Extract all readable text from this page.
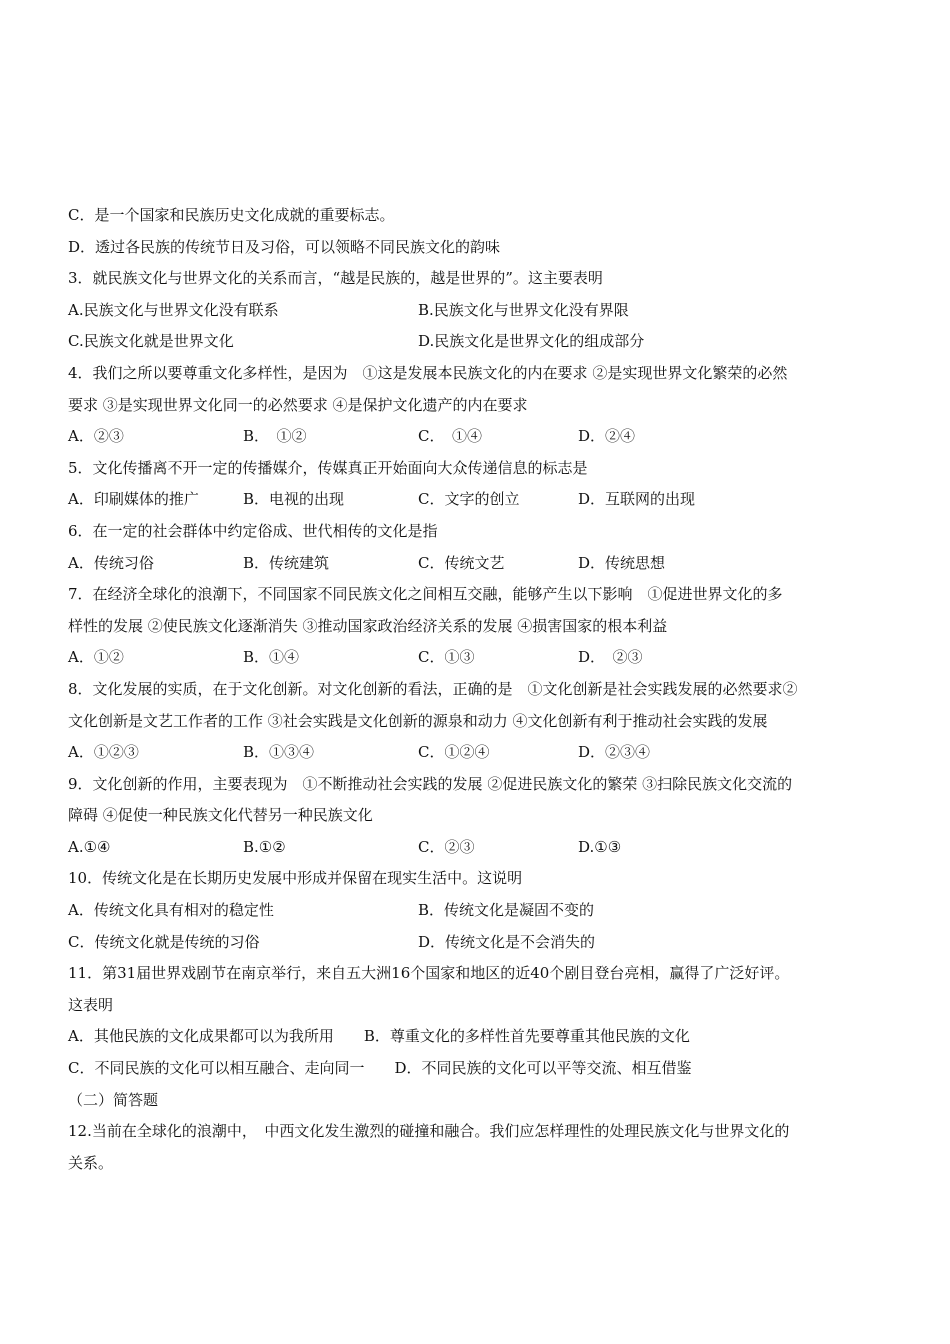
C．是一个国家和民族历史文化成就的重要标志。
D．透过各民族的传统节日及习俗，可以领略不同民族文化的韵味
3．就民族文化与世界文化的关系而言，“越是民族的，越是世界的”。这主要表明
A.民族文化与世界文化没有联系	B.民族文化与世界文化没有界限
C.民族文化就是世界文化	D.民族文化是世界文化的组成部分
4．我们之所以要尊重文化多样性，是因为　①这是发展本民族文化的内在要求 ②是实现世界文化繁荣的必然
要求 ③是实现世界文化同一的必然要求 ④是保护文化遗产的内在要求
A．②③	B．　①②	C．　①④	D．②④
5．文化传播离不开一定的传播媒介，传媒真正开始面向大众传递信息的标志是
A．印刷媒体的推广	B．电视的出现	C．文字的创立	D．互联网的出现
6．在一定的社会群体中约定俗成、世代相传的文化是指
A．传统习俗	B．传统建筑	C．传统文艺	D．传统思想
7．在经济全球化的浪潮下，不同国家不同民族文化之间相互交融，能够产生以下影响　①促进世界文化的多
样性的发展 ②使民族文化逐渐消失 ③推动国家政治经济关系的发展 ④损害国家的根本利益
A．①②	B．①④	C．①③	D．　②③
8．文化发展的实质，在于文化创新。对文化创新的看法，正确的是　①文化创新是社会实践发展的必然要求②
文化创新是文艺工作者的工作 ③社会实践是文化创新的源泉和动力 ④文化创新有利于推动社会实践的发展
A．①②③	B．①③④	C．①②④	D．②③④
9．文化创新的作用，主要表现为　①不断推动社会实践的发展 ②促进民族文化的繁荣 ③扫除民族文化交流的
障碍 ④促使一种民族文化代替另一种民族文化
A.①④	B.①②	C．②③	D.①③
10．传统文化是在长期历史发展中形成并保留在现实生活中。这说明
A．传统文化具有相对的稳定性	B．传统文化是凝固不变的
C．传统文化就是传统的习俗	D．传统文化是不会消失的
11．第31届世界戏剧节在南京举行，来自五大洲16个国家和地区的近40个剧目登台亮相，赢得了广泛好评。
这表明
A．其他民族的文化成果都可以为我所用　　B．尊重文化的多样性首先要尊重其他民族的文化
C．不同民族的文化可以相互融合、走向同一　　D．不同民族的文化可以平等交流、相互借鉴
（二）简答题
12.当前在全球化的浪潮中，　中西文化发生激烈的碰撞和融合。我们应怎样理性的处理民族文化与世界文化的
关系。
